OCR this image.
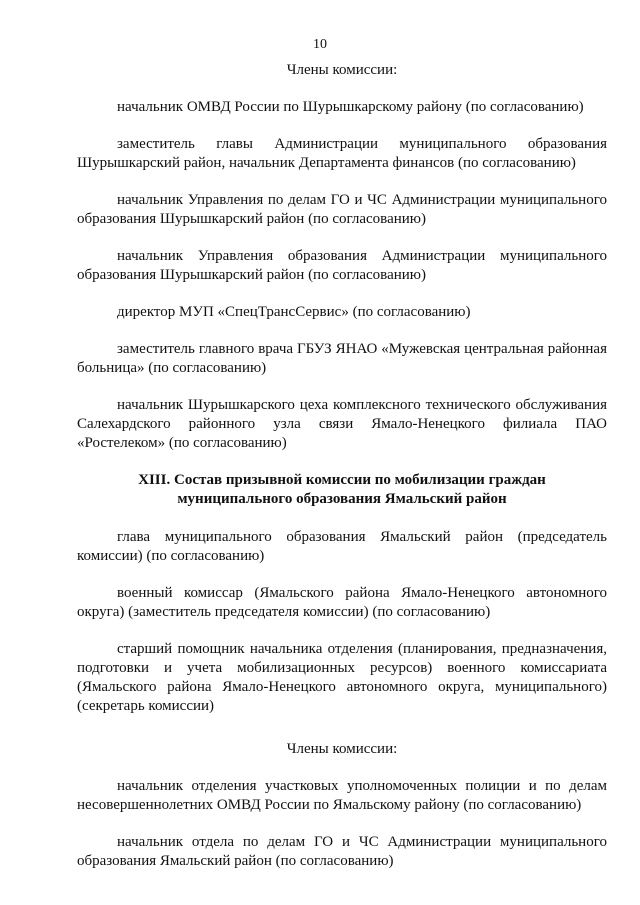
10

Члены комиссии:

начальник ОМВД России по Шурышкарскому району (по согласованию)

заместитель главы Администрации муниципального образования Шурышкарский район, начальник Департамента финансов (по согласованию)

начальник Управления по делам ГО и ЧС Администрации муниципального образования Шурышкарский район (по согласованию)

начальник Управления образования Администрации муниципального образования Шурышкарский район (по согласованию)

директор МУП «СпецТрансСервис» (по согласованию)

заместитель главного врача ГБУЗ ЯНАО «Мужевская центральная районная больница» (по согласованию)

начальник Шурышкарского цеха комплексного технического обслуживания Салехардского районного узла связи Ямало-Ненецкого филиала ПАО «Ростелеком» (по согласованию)

XIII. Состав призывной комиссии по мобилизации граждан
муниципального образования Ямальский район

глава муниципального образования Ямальский район (председатель комиссии) (по согласованию)

военный комиссар (Ямальского района Ямало-Ненецкого автономного округа) (заместитель председателя комиссии) (по согласованию)

старший помощник начальника отделения (планирования, предназначения, подготовки и учета мобилизационных ресурсов) военного комиссариата (Ямальского района Ямало-Ненецкого автономного округа, муниципального) (секретарь комиссии)

Члены комиссии:

начальник отделения участковых уполномоченных полиции и по делам несовершеннолетних ОМВД России по Ямальскому району (по согласованию)

начальник отдела по делам ГО и ЧС Администрации муниципального образования Ямальский район (по согласованию)
